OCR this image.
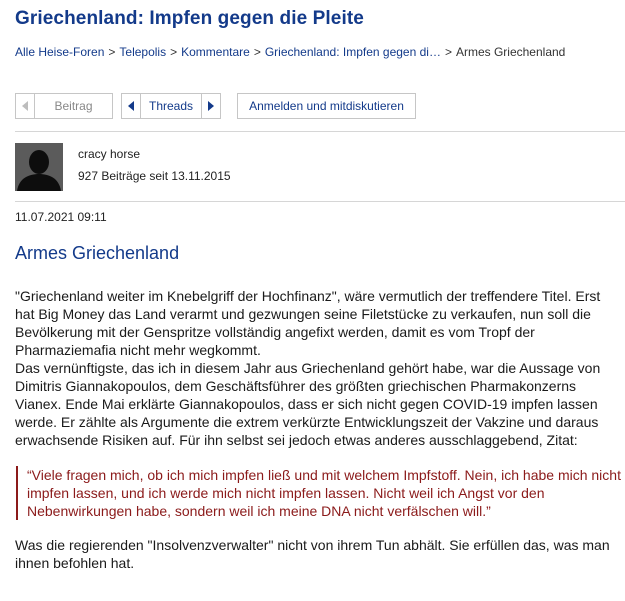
Griechenland: Impfen gegen die Pleite
Alle Heise-Foren > Telepolis > Kommentare > Griechenland: Impfen gegen di… > Armes Griechenland
Beitrag	Threads	Anmelden und mitdiskutieren
cracy horse
927 Beiträge seit 13.11.2015
11.07.2021 09:11
Armes Griechenland

"Griechenland weiter im Knebelgriff der Hochfinanz", wäre vermutlich der treffendere Titel. Erst hat Big Money das Land verarmt und gezwungen seine Filetstücke zu verkaufen, nun soll die Bevölkerung mit der Genspritze vollständig angefixt werden, damit es vom Tropf der Pharmaziemafia nicht mehr wegkommt.

Das vernünftigste, das ich in diesem Jahr aus Griechenland gehört habe, war die Aussage von Dimitris Giannakopoulos, dem Geschäftsführer des größten griechischen Pharmakonzerns Vianex. Ende Mai erklärte Giannakopoulos, dass er sich nicht gegen COVID-19 impfen lassen werde. Er zählte als Argumente die extrem verkürzte Entwicklungszeit der Vakzine und daraus erwachsende Risiken auf. Für ihn selbst sei jedoch etwas anderes ausschlaggebend, Zitat:

“Viele fragen mich, ob ich mich impfen ließ und mit welchem Impfstoff. Nein, ich habe mich nicht impfen lassen, und ich werde mich nicht impfen lassen. Nicht weil ich Angst vor den Nebenwirkungen habe, sondern weil ich meine DNA nicht verfälschen will.”

Was die regierenden "Insolvenzverwalter" nicht von ihrem Tun abhält. Sie erfüllen das, was man ihnen befohlen hat.
